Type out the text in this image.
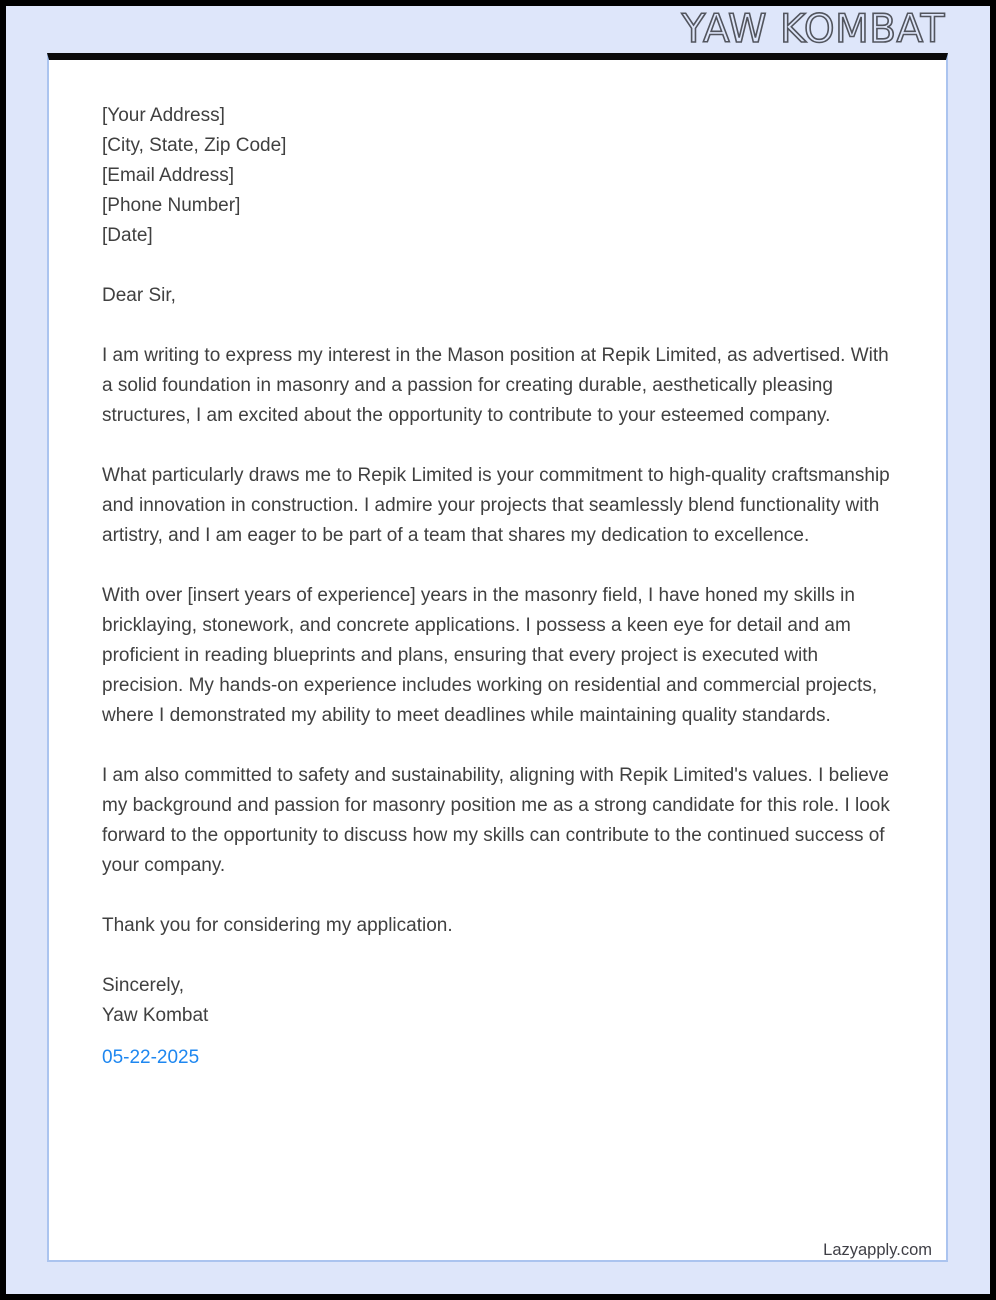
YAW KOMBAT
[Your Address]
[City, State, Zip Code]
[Email Address]
[Phone Number]
[Date]
Dear Sir,
I am writing to express my interest in the Mason position at Repik Limited, as advertised. With a solid foundation in masonry and a passion for creating durable, aesthetically pleasing structures, I am excited about the opportunity to contribute to your esteemed company.
What particularly draws me to Repik Limited is your commitment to high-quality craftsmanship and innovation in construction. I admire your projects that seamlessly blend functionality with artistry, and I am eager to be part of a team that shares my dedication to excellence.
With over [insert years of experience] years in the masonry field, I have honed my skills in bricklaying, stonework, and concrete applications. I possess a keen eye for detail and am proficient in reading blueprints and plans, ensuring that every project is executed with precision. My hands-on experience includes working on residential and commercial projects, where I demonstrated my ability to meet deadlines while maintaining quality standards.
I am also committed to safety and sustainability, aligning with Repik Limited's values. I believe my background and passion for masonry position me as a strong candidate for this role. I look forward to the opportunity to discuss how my skills can contribute to the continued success of your company.
Thank you for considering my application.
Sincerely,
Yaw Kombat
05-22-2025
Lazyapply.com
